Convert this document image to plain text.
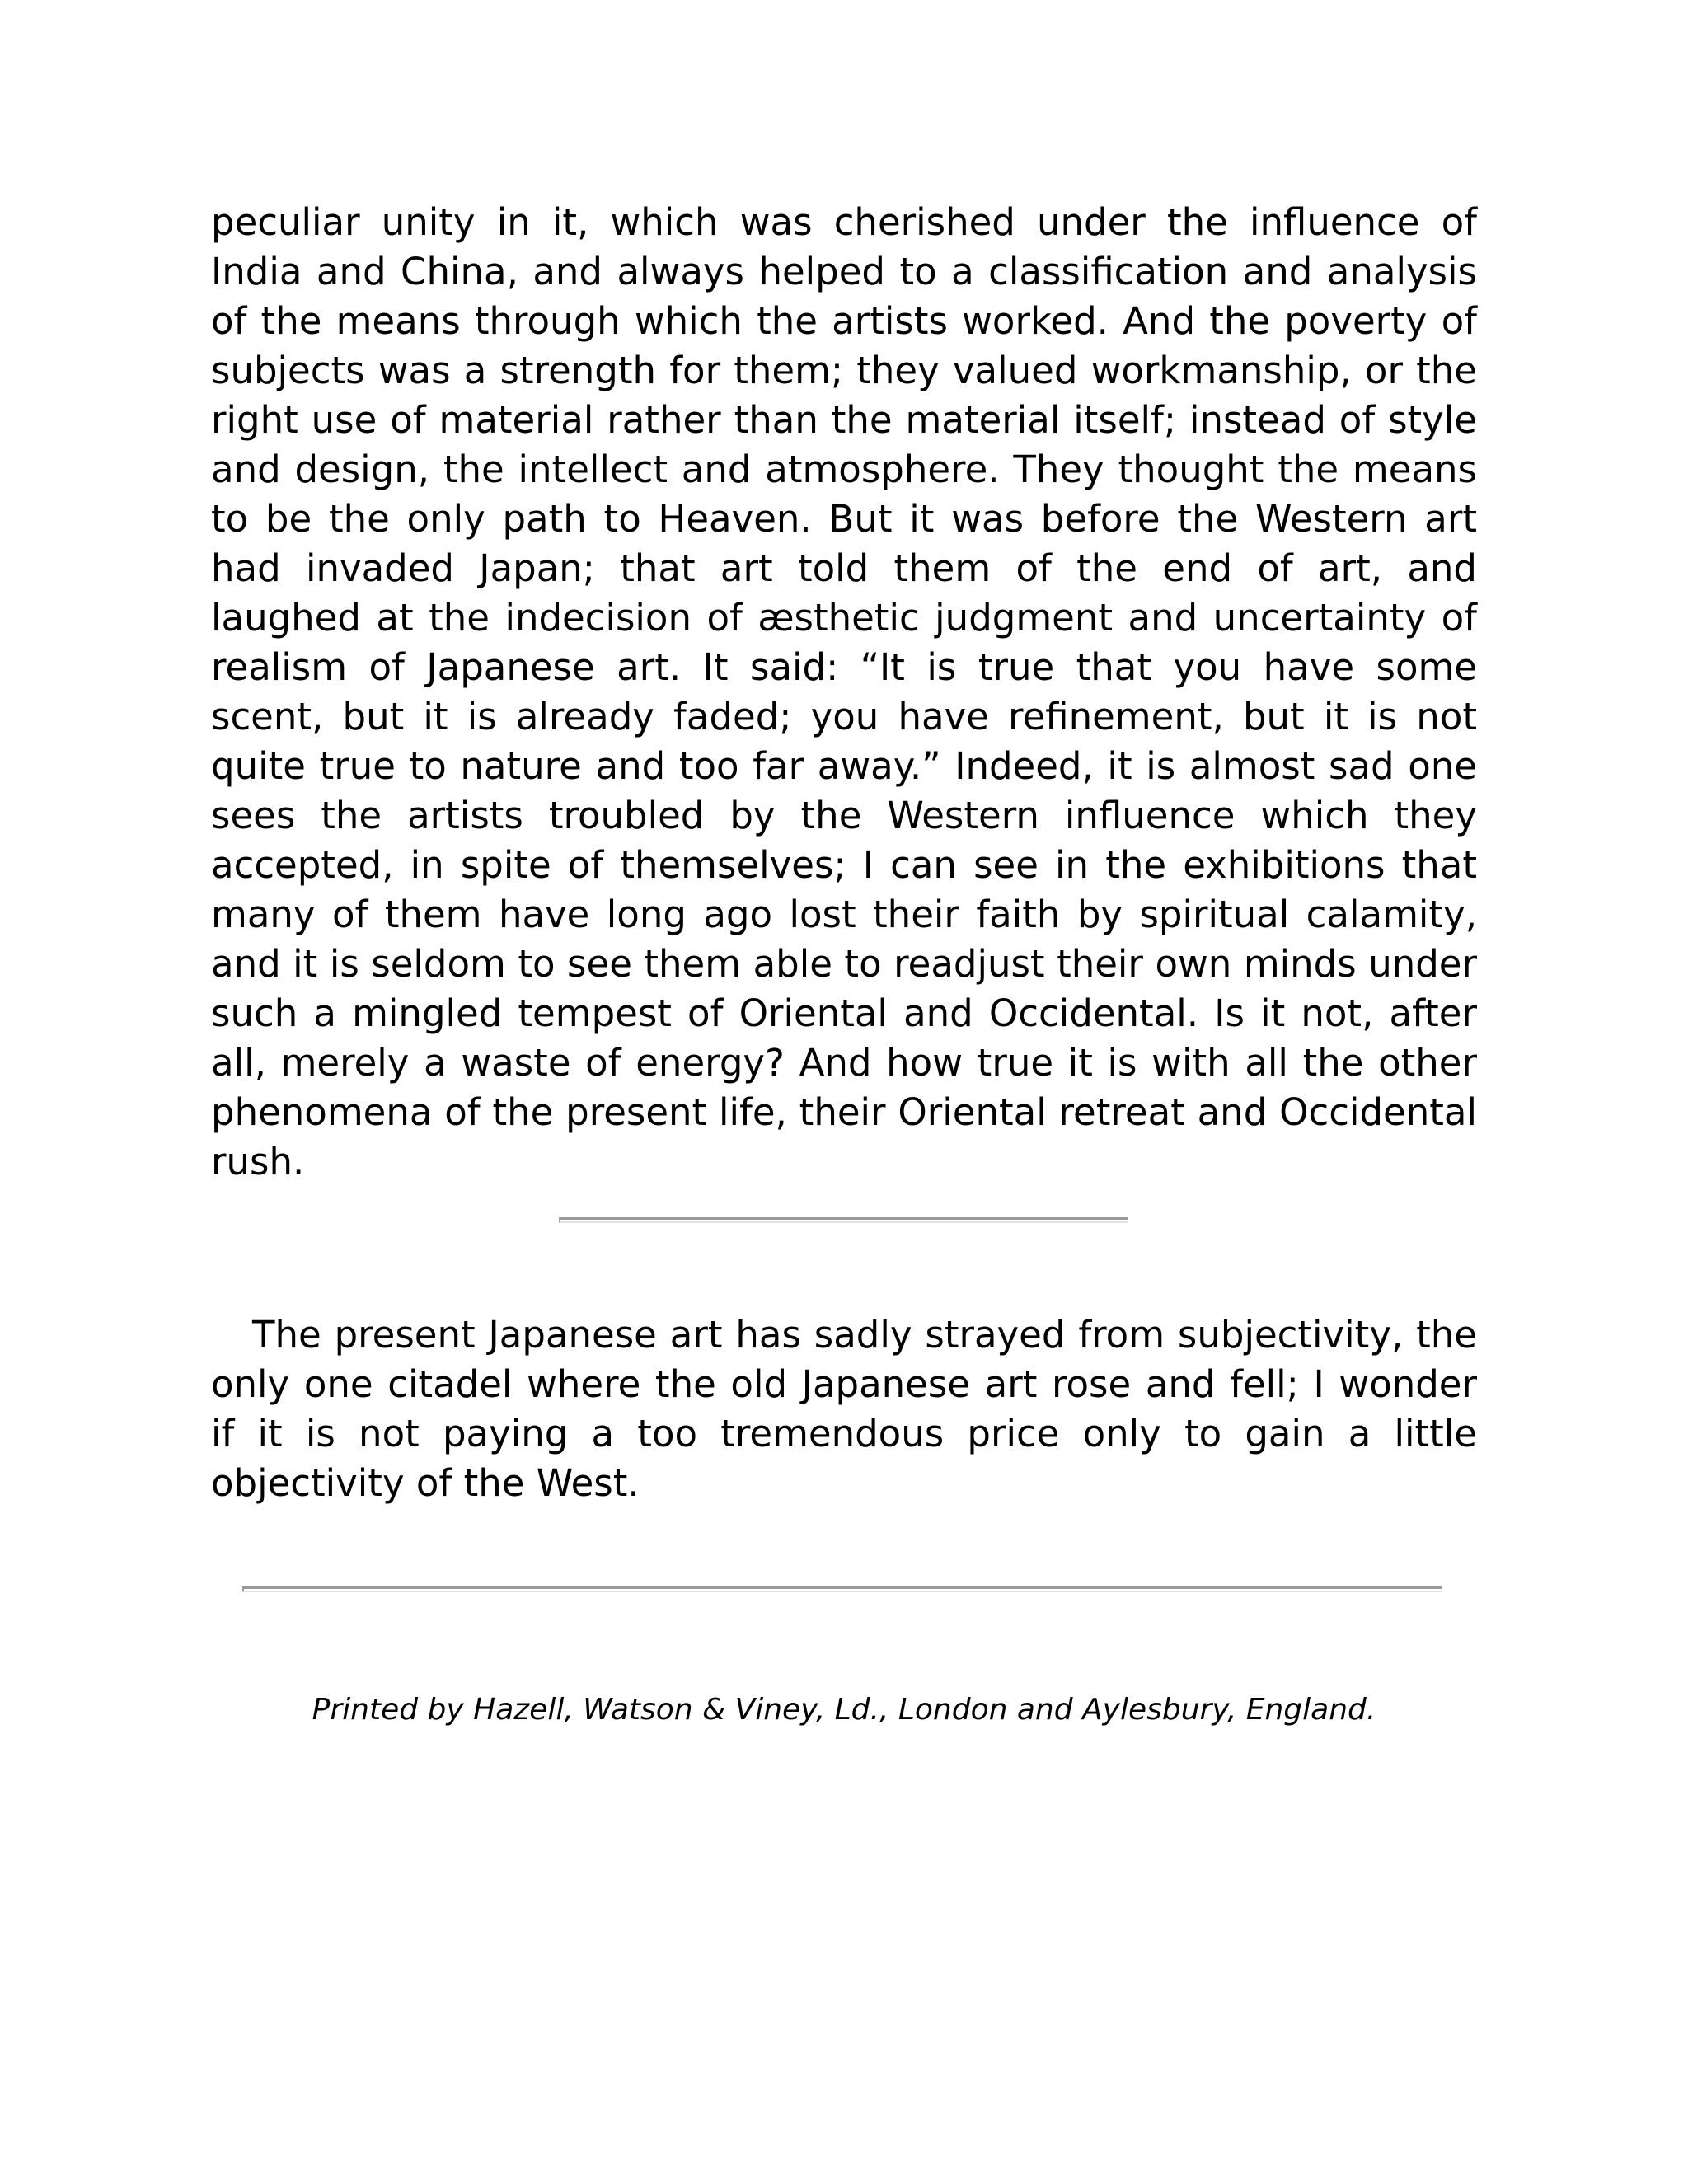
peculiar unity in it, which was cherished under the influence of India and China, and always helped to a classification and analysis of the means through which the artists worked. And the poverty of subjects was a strength for them; they valued workmanship, or the right use of material rather than the material itself; instead of style and design, the intellect and atmosphere. They thought the means to be the only path to Heaven. But it was before the Western art had invaded Japan; that art told them of the end of art, and laughed at the indecision of æsthetic judgment and uncertainty of realism of Japanese art. It said: “It is true that you have some scent, but it is already faded; you have refinement, but it is not quite true to nature and too far away.” Indeed, it is almost sad one sees the artists troubled by the Western influence which they accepted, in spite of themselves; I can see in the exhibitions that many of them have long ago lost their faith by spiritual calamity, and it is seldom to see them able to readjust their own minds under such a mingled tempest of Oriental and Occidental. Is it not, after all, merely a waste of energy? And how true it is with all the other phenomena of the present life, their Oriental retreat and Occidental rush.

The present Japanese art has sadly strayed from subjectivity, the only one citadel where the old Japanese art rose and fell; I wonder if it is not paying a too tremendous price only to gain a little objectivity of the West.

Printed by Hazell, Watson & Viney, Ld., London and Aylesbury, England.
